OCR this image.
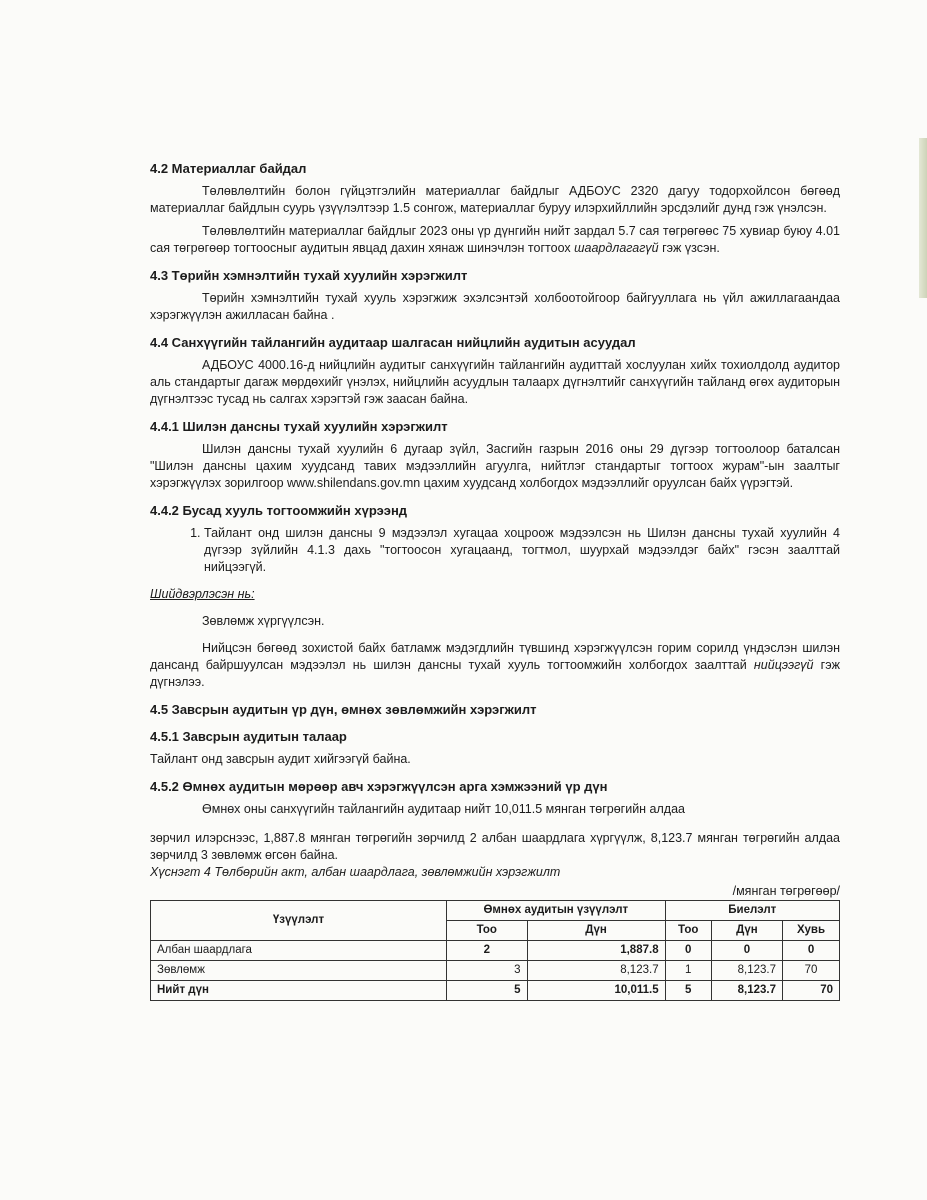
4.2 Материаллаг байдал

Төлөвлөлтийн болон гүйцэтгэлийн материаллаг байдлыг АДБОУС 2320 дагуу тодорхойлсон бөгөөд материаллаг байдлын суурь үзүүлэлтээр 1.5 сонгож, материаллаг буруу илэрхийллийн эрсдэлийг дунд гэж үнэлсэн.

Төлөвлөлтийн материаллаг байдлыг 2023 оны үр дүнгийн нийт зардал 5.7 сая төгрөгөөс 75 хувиар буюу 4.01 сая төгрөгөөр тогтоосныг аудитын явцад дахин хянаж шинэчлэн тогтоох шаардлагагүй гэж үзсэн.

4.3 Төрийн хэмнэлтийн тухай хуулийн хэрэгжилт

Төрийн хэмнэлтийн тухай хууль хэрэгжиж эхэлсэнтэй холбоотойгоор байгууллага нь үйл ажиллагаандаа хэрэгжүүлэн ажилласан байна .

4.4 Санхүүгийн тайлангийн аудитаар шалгасан нийцлийн аудитын асуудал

АДБОУС 4000.16-д нийцлийн аудитыг санхүүгийн тайлангийн аудиттай хослуулан хийх тохиолдолд аудитор аль стандартыг дагаж мөрдөхийг үнэлэх, нийцлийн асуудлын талаарх дүгнэлтийг санхүүгийн тайланд өгөх аудиторын дүгнэлтээс тусад нь салгах хэрэгтэй гэж заасан байна.

4.4.1 Шилэн дансны тухай хуулийн хэрэгжилт

Шилэн дансны тухай хуулийн 6 дугаар зүйл, Засгийн газрын 2016 оны 29 дүгээр тогтоолоор баталсан "Шилэн дансны цахим хуудсанд тавих мэдээллийн агуулга, нийтлэг стандартыг тогтоох журам"-ын заалтыг хэрэгжүүлэх зорилгоор www.shilendans.gov.mn цахим хуудсанд холбогдох мэдээллийг оруулсан байх үүрэгтэй.

4.4.2 Бусад хууль тогтоомжийн хүрээнд
1. Тайлант онд шилэн дансны 9 мэдээлэл хугацаа хоцроож мэдээлсэн нь Шилэн дансны тухай хуулийн 4 дүгээр зүйлийн 4.1.3 дахь "тогтоосон хугацаанд, тогтмол, шуурхай мэдээлдэг байх" гэсэн заалттай нийцээгүй.

Шийдвэрлэсэн нь:

Зөвлөмж хүргүүлсэн.

Нийцсэн бөгөөд зохистой байх батламж мэдэгдлийн түвшинд хэрэгжүүлсэн горим сорилд үндэслэн шилэн дансанд байршуулсан мэдээлэл нь шилэн дансны тухай хууль тогтоомжийн холбогдох заалттай нийцээгүй гэж дүгнэлээ.

4.5 Завсрын аудитын үр дүн, өмнөх зөвлөмжийн хэрэгжилт
4.5.1 Завсрын аудитын талаар

Тайлант онд завсрын аудит хийгээгүй байна.

4.5.2 Өмнөх аудитын мөрөөр авч хэрэгжүүлсэн арга хэмжээний үр дүн

Өмнөх оны санхүүгийн тайлангийн аудитаар нийт 10,011.5 мянган төгрөгийн алдаа

зөрчил илэрснээс, 1,887.8 мянган төгрөгийн зөрчилд 2 албан шаардлага хүргүүлж, 8,123.7 мянган төгрөгийн алдаа зөрчилд 3 зөвлөмж өгсөн байна.

Хүснэгт 4 Төлбөрийн акт, албан шаардлага, зөвлөмжийн хэрэгжилт

/мянган төгрөгөөр/

Үзүүлэлт	Өмнөх аудитын үзүүлэлт		Биелэлт		
	Тоо	Дүн	Тоо	Дүн	Хувь
Албан шаардлага	2	1,887.8	0	0	0
Зөвлөмж	3	8,123.7	1	8,123.7	70
Нийт дүн	5	10,011.5	5	8,123.7	70
